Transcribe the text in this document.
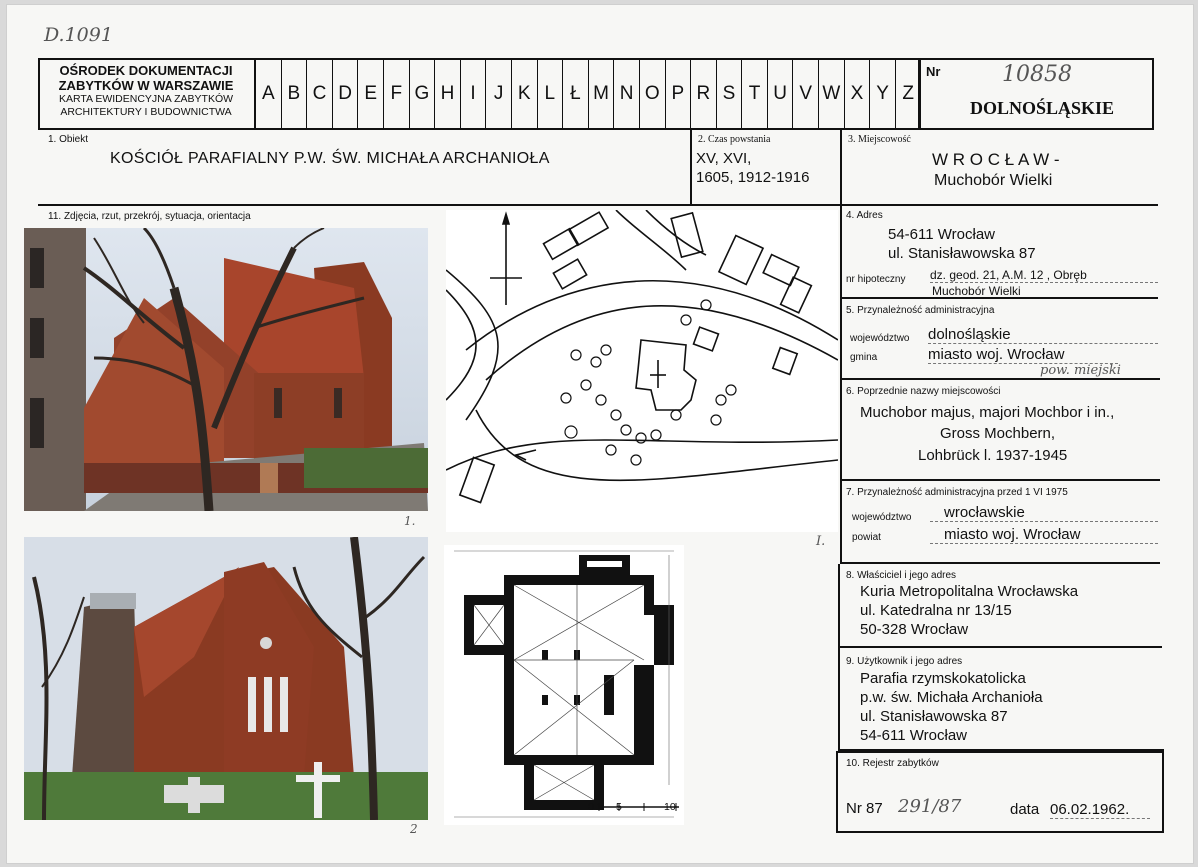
D.1091
OŚRODEK DOKUMENTACJI
ZABYTKÓW W WARSZAWIE
KARTA EWIDENCYJNA ZABYTKÓW
ARCHITEKTURY I BUDOWNICTWA
A B C D E F G H I J K L Ł M N O P R S T U V W X Y Z
Nr	10858
DOLNOŚLĄSKIE
1. Obiekt
KOŚCIÓŁ PARAFIALNY P.W. ŚW. MICHAŁA ARCHANIOŁA
2. Czas powstania
XV, XVI,
1605, 1912-1916
3. Miejscowość
W R O C Ł A W -
Muchobór Wielki
11. Zdjęcia, rzut, przekrój, sytuacja, orientacja
1.
2
I.
0 1 5	10
4. Adres
54-611 Wrocław
ul. Stanisławowska 87
nr hipoteczny dz. geod. 21, A.M. 12 , Obręb
Muchobór Wielki
5. Przynależność administracyjna
województwo dolnośląskie
gmina	miasto woj. Wrocław
pow. miejski
6. Poprzednie nazwy miejscowości
Muchobor majus, majori Mochbor i in.,
Gross Mochbern,
Lohbrück l. 1937-1945
7. Przynależność administracyjna przed 1 VI 1975
województwo	wrocławskie
powiat	miasto woj. Wrocław
8. Właściciel i jego adres
Kuria Metropolitalna Wrocławska
ul. Katedralna nr 13/15
50-328 Wrocław
9. Użytkownik i jego adres
Parafia rzymskokatolicka
p.w. św. Michała Archanioła
ul. Stanisławowska 87
54-611 Wrocław
10. Rejestr zabytków
Nr 87 291/87	data 06.02.1962.
